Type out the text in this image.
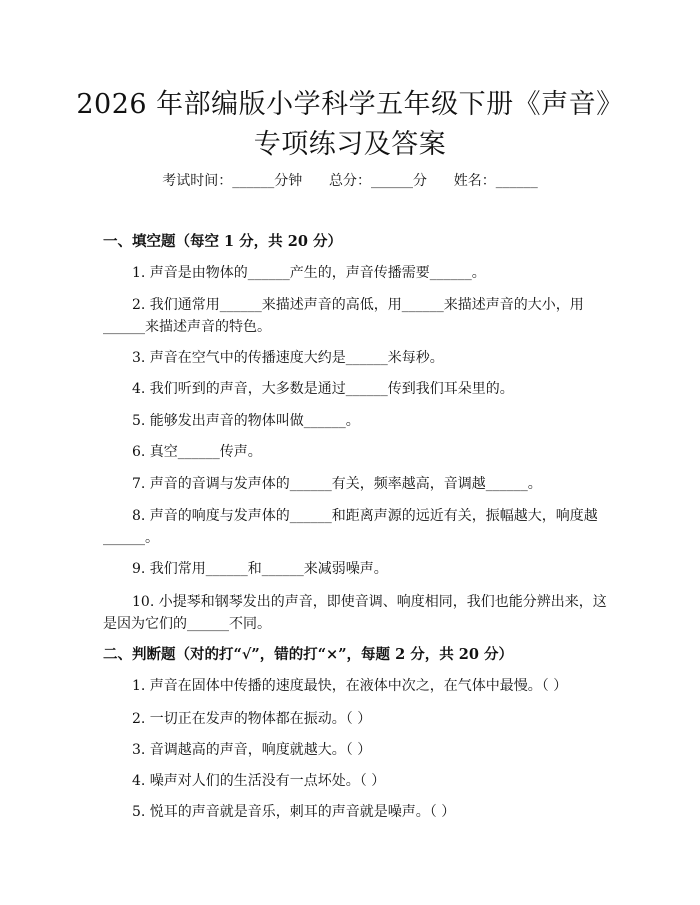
2026 年部编版小学科学五年级下册《声音》
专项练习及答案
考试时间：______分钟      总分：______分      姓名：______
一、填空题（每空 1 分，共 20 分）
1. 声音是由物体的______产生的，声音传播需要______。
2. 我们通常用______来描述声音的高低，用______来描述声音的大小，用
______来描述声音的特色。
3. 声音在空气中的传播速度大约是______米每秒。
4. 我们听到的声音，大多数是通过______传到我们耳朵里的。
5. 能够发出声音的物体叫做______。
6. 真空______传声。
7. 声音的音调与发声体的______有关，频率越高，音调越______。
8. 声音的响度与发声体的______和距离声源的远近有关，振幅越大，响度越
______。
9. 我们常用______和______来减弱噪声。
10. 小提琴和钢琴发出的声音，即使音调、响度相同，我们也能分辨出来，这
是因为它们的______不同。
二、判断题（对的打“√”，错的打“×”，每题 2 分，共 20 分）
1. 声音在固体中传播的速度最快，在液体中次之，在气体中最慢。（ ）
2. 一切正在发声的物体都在振动。（ ）
3. 音调越高的声音，响度就越大。（ ）
4. 噪声对人们的生活没有一点坏处。（ ）
5. 悦耳的声音就是音乐，刺耳的声音就是噪声。（ ）
